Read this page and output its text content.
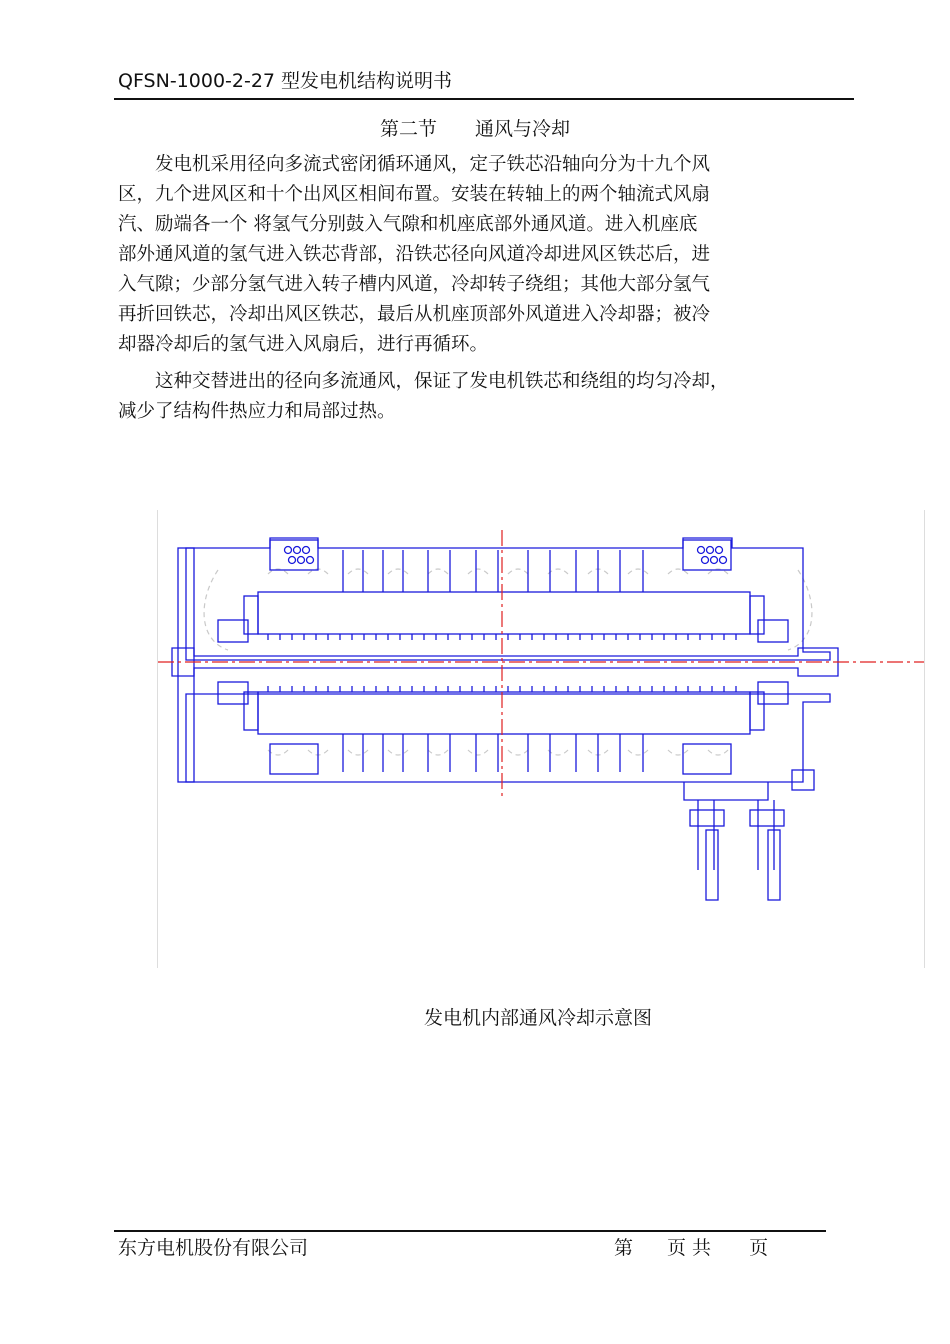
QFSN-1000-2-27 型发电机结构说明书
第二节 通风与冷却

发电机采用径向多流式密闭循环通风，定子铁芯沿轴向分为十九个风
区，九个进风区和十个出风区相间布置。安装在转轴上的两个轴流式风扇
汽、励端各一个 将氢气分别鼓入气隙和机座底部外通风道。进入机座底
部外通风道的氢气进入铁芯背部，沿铁芯径向风道冷却进风区铁芯后，进
入气隙；少部分氢气进入转子槽内风道，冷却转子绕组；其他大部分氢气
再折回铁芯，冷却出风区铁芯，最后从机座顶部外风道进入冷却器；被冷
却器冷却后的氢气进入风扇后，进行再循环。

这种交替进出的径向多流通风，保证了发电机铁芯和绕组的均匀冷却，
减少了结构件热应力和局部过热。

发电机内部通风冷却示意图
东方电机股份有限公司	第 页 共 页
